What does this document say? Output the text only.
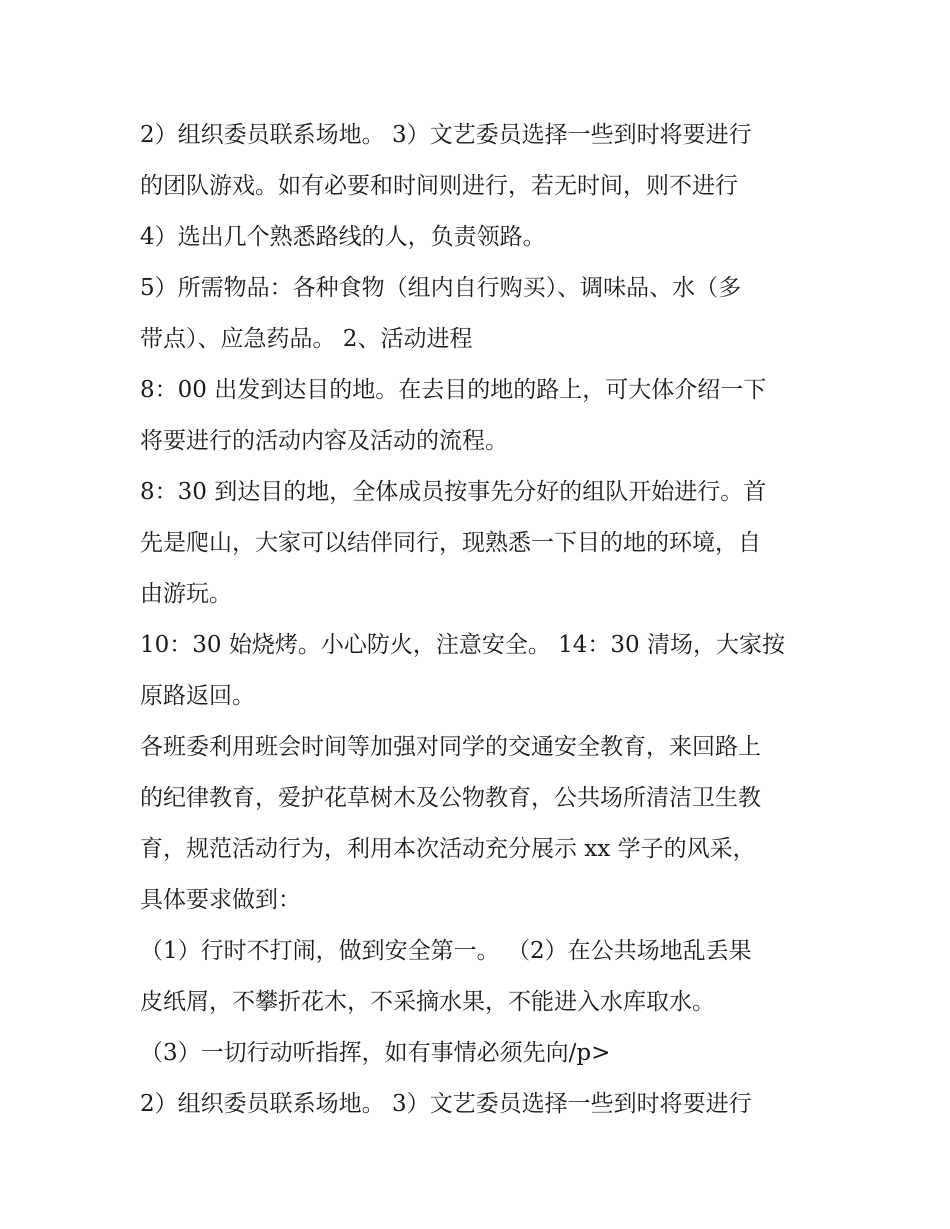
2）组织委员联系场地。 3）文艺委员选择一些到时将要进行
的团队游戏。如有必要和时间则进行，若无时间，则不进行
4）选出几个熟悉路线的人，负责领路。
5）所需物品：各种食物（组内自行购买）、调味品、水（多
带点）、应急药品。 2、活动进程
8：00 出发到达目的地。在去目的地的路上，可大体介绍一下
将要进行的活动内容及活动的流程。
8：30 到达目的地，全体成员按事先分好的组队开始进行。首
先是爬山，大家可以结伴同行，现熟悉一下目的地的环境，自
由游玩。
10：30 始烧烤。小心防火，注意安全。 14：30 清场，大家按
原路返回。
各班委利用班会时间等加强对同学的交通安全教育，来回路上
的纪律教育，爱护花草树木及公物教育，公共场所清洁卫生教
育，规范活动行为，利用本次活动充分展示 xx 学子的风采，
具体要求做到：
（1）行时不打闹，做到安全第一。 （2）在公共场地乱丢果
皮纸屑，不攀折花木，不采摘水果，不能进入水库取水。
（3）一切行动听指挥，如有事情必须先向/p>
2）组织委员联系场地。 3）文艺委员选择一些到时将要进行
